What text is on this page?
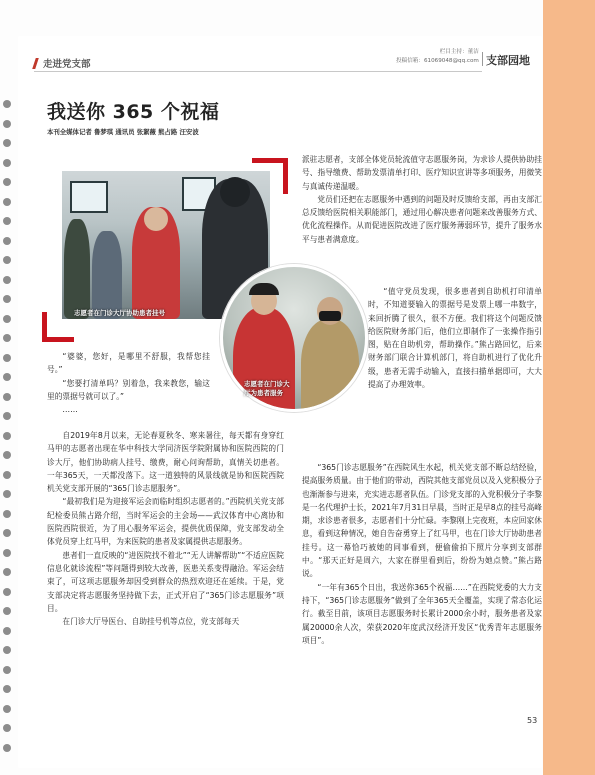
走进党支部
栏目主持：董洁
投稿信箱：61069048@qq.com 支部园地
我送你 365 个祝福
本刊全媒体记者 鲁梦琪 通讯员 张絮薇 熊占路 汪安波
志愿者在门诊大厅协助患者挂号
志愿者在门诊大厅为患者服务

“婆婆，您好，是哪里不舒服，我帮您挂号。”

“您要打清单吗？别着急，我来教您，输这里的票据号就可以了。”

……

自2019年8月以来，无论春夏秋冬、寒来暑往，每天都有身穿红马甲的志愿者出现在华中科技大学同济医学院附属协和医院西院的门诊大厅，他们协助病人挂号、缴费，耐心问询帮助，真情关切患者。一年365天，一天都没落下。这一道独特的风景线就是协和医院西院机关党支部开展的“365门诊志愿服务”。

“最初我们是为迎接军运会而临时组织志愿者的。”西院机关党支部纪检委员熊占路介绍，当时军运会的主会场——武汉体育中心离协和医院西院很近，为了用心服务军运会，提供优质保障，党支部发动全体党员穿上红马甲，为来医院的患者及家属提供志愿服务。

患者们一直反映的“进医院找不着北”“无人讲解帮助”“不适应医院信息化就诊流程”等问题得到较大改善，医患关系变得融洽。军运会结束了，可这项志愿服务却因受到群众的热烈欢迎还在延续。于是，党支部决定将志愿服务坚持做下去，正式开启了“365门诊志愿服务”项目。

在门诊大厅导医台、自助挂号机等点位，党支部每天

派驻志愿者，支部全体党员轮流值守志愿服务岗，为求诊人提供协助挂号、指导缴费、帮助发票清单打印、医疗知识宣讲等多项服务，用微笑与真诚传递温暖。

党员们还把在志愿服务中遇到的问题及时反馈给支部，再由支部汇总反馈给医院相关职能部门，通过用心解决患者问题来改善服务方式、优化流程操作。从而促进医院改进了医疗服务薄弱环节，提升了服务水平与患者满意度。

“值守党员发现，很多患者到自助机打印清单时，不知道要输入的票据号是发票上哪一串数字，来回折腾了很久，很不方便。我们将这个问题反馈给医院财务部门后，他们立即制作了一张操作指引图，贴在自助机旁，帮助操作。”熊占路回忆，后来财务部门联合计算机部门，将自助机进行了优化升级，患者无需手动输入，直接扫描单据即可，大大提高了办理效率。

“365门诊志愿服务”在西院风生水起，机关党支部不断总结经验，提高服务质量。由于他们的带动，西院其他支部党员以及入党积极分子也渐渐参与进来，充实进志愿者队伍。门诊党支部的入党积极分子李黎是一名代理护士长，2021年7月31日早晨，当时正是早8点的挂号高峰期，求诊患者很多，志愿者们十分忙碌。李黎刚上完夜班，本应回家休息，看到这种情况，她自告奋勇穿上了红马甲，也在门诊大厅协助患者挂号。这一幕恰巧被她的同事看到，便偷偷拍下照片分享到支部群中。“那天正好是周六，大家在群里看到后，纷纷为她点赞。”熊占路说。

“一年有365个日出，我送你365个祝福……”在西院党委的大力支持下，“365门诊志愿服务”做到了全年365天全覆盖，实现了常态化运行。截至目前，该项目志愿服务时长累计2000余小时，服务患者及家属20000余人次，荣获2020年度武汉经济开发区“优秀青年志愿服务项目”。

53
